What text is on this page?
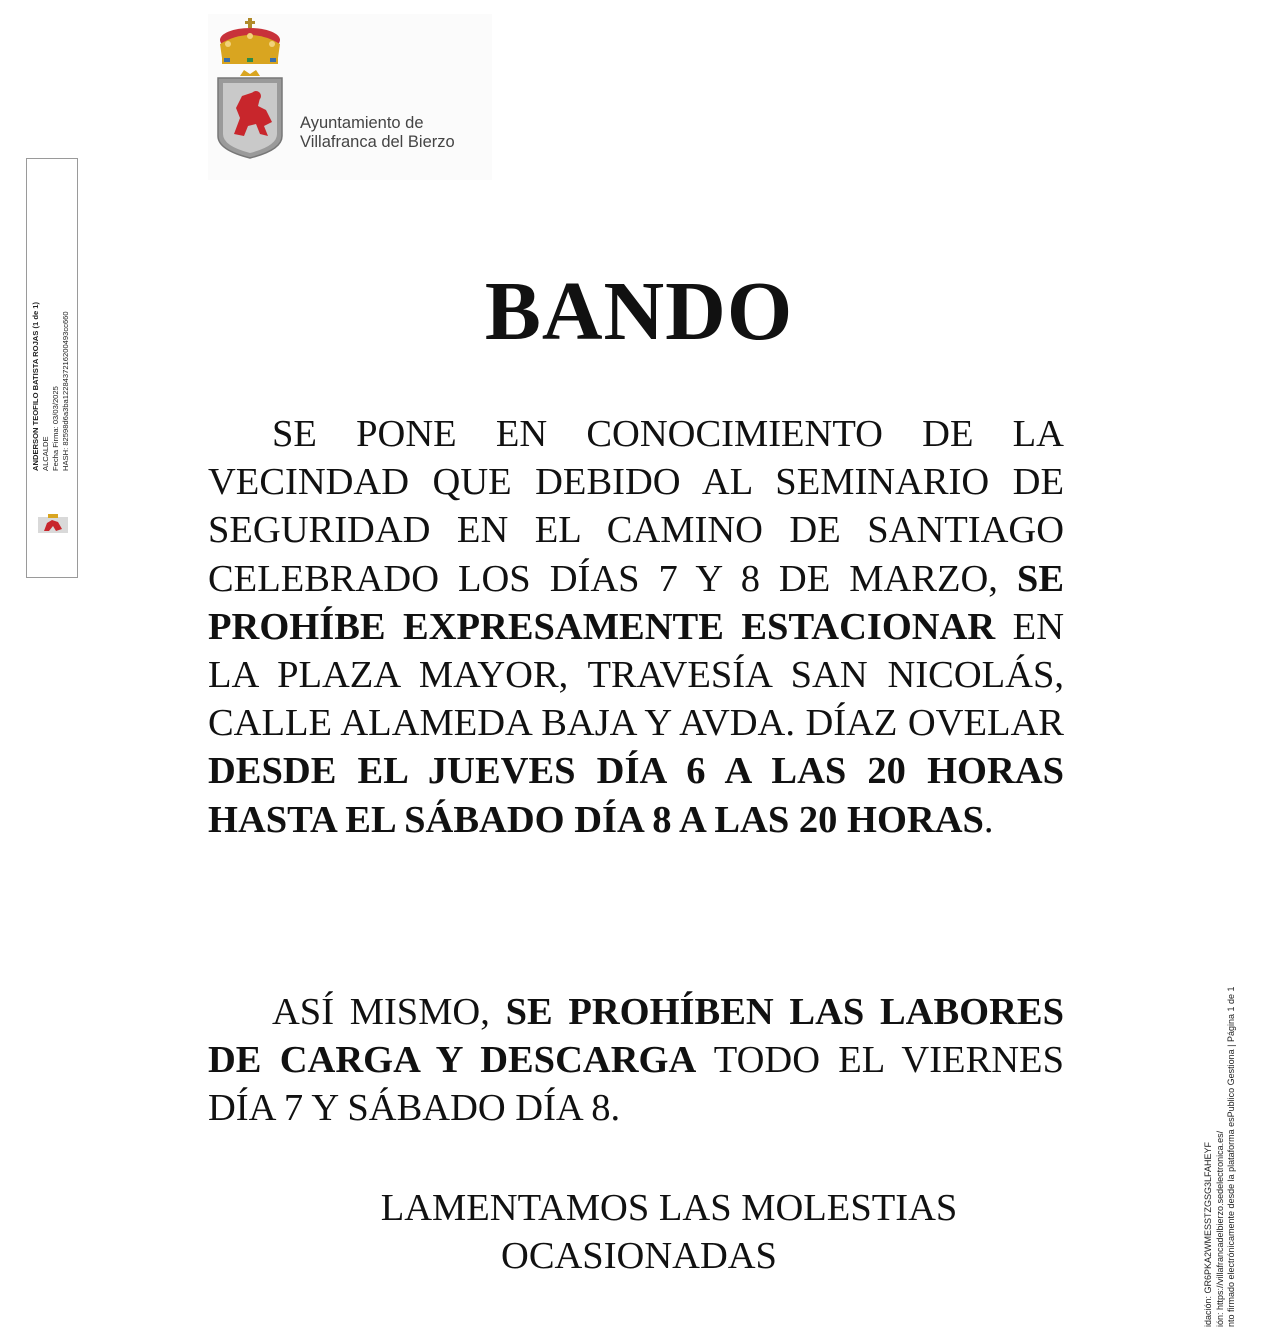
Ayuntamiento de
Villafranca del Bierzo
ANDERSON TEOFILO BATISTA ROJAS (1 de 1) ALCALDE Fecha Firma: 03/03/2025 HASH: 82598d6a3ba1228437216200493cc660
idación: GR6PKA2WMESSTZGSG3LFAHEYF ión: https://villafrancadelbierzo.sedelectronica.es/ nto firmado electrónicamente desde la plataforma esPublico Gestiona | Página 1 de 1
BANDO

SE PONE EN CONOCIMIENTO DE LA VECINDAD QUE DEBIDO AL SEMINARIO DE SEGURIDAD EN EL CAMINO DE SANTIAGO CELEBRADO LOS DÍAS 7 Y 8 DE MARZO, SE PROHÍBE EXPRESAMENTE ESTACIONAR EN LA PLAZA MAYOR, TRAVESÍA SAN NICOLÁS, CALLE ALAMEDA BAJA Y AVDA. DÍAZ OVELAR DESDE EL JUEVES DÍA 6 A LAS 20 HORAS HASTA EL SÁBADO DÍA 8 A LAS 20 HORAS.

ASÍ MISMO, SE PROHÍBEN LAS LABORES DE CARGA Y DESCARGA TODO EL VIERNES DÍA 7 Y SÁBADO DÍA 8.

LAMENTAMOS LAS MOLESTIAS
OCASIONADAS
